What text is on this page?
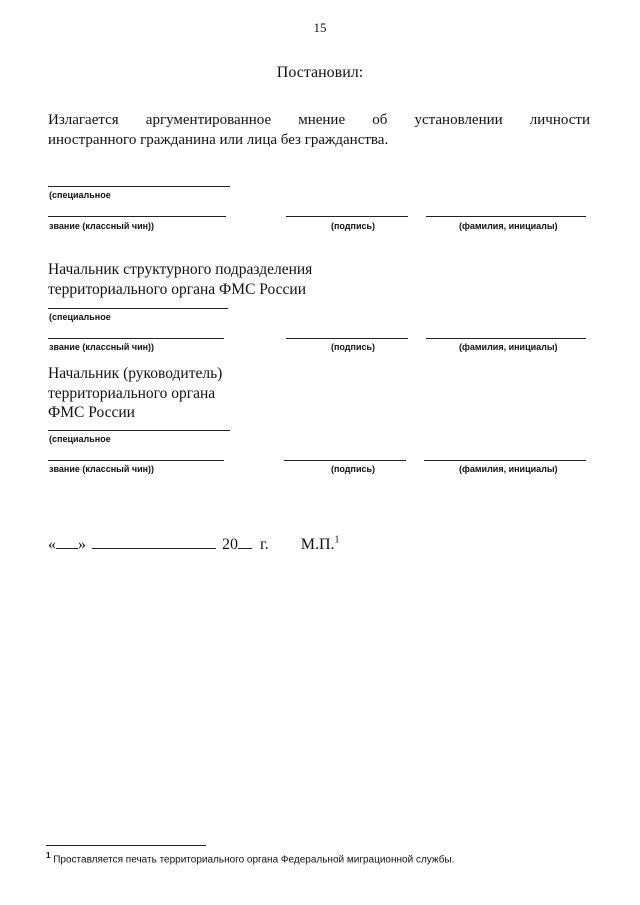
15
Постановил:
Излагается аргументированное мнение об установлении личности
иностранного гражданина или лица без гражданства.
(специальное
звание (классный чин))	(подпись)	(фамилия, инициалы)
Начальник структурного подразделения
территориального органа ФМС России
(специальное
звание (классный чин))	(подпись)	(фамилия, инициалы)
Начальник (руководитель)
территориального органа
ФМС России
(специальное
звание (классный чин))	(подпись)	(фамилия, инициалы)
« »	20 г. М.П.$^1$
$^1$ Проставляется печать территориального органа Федеральной миграционной службы.
